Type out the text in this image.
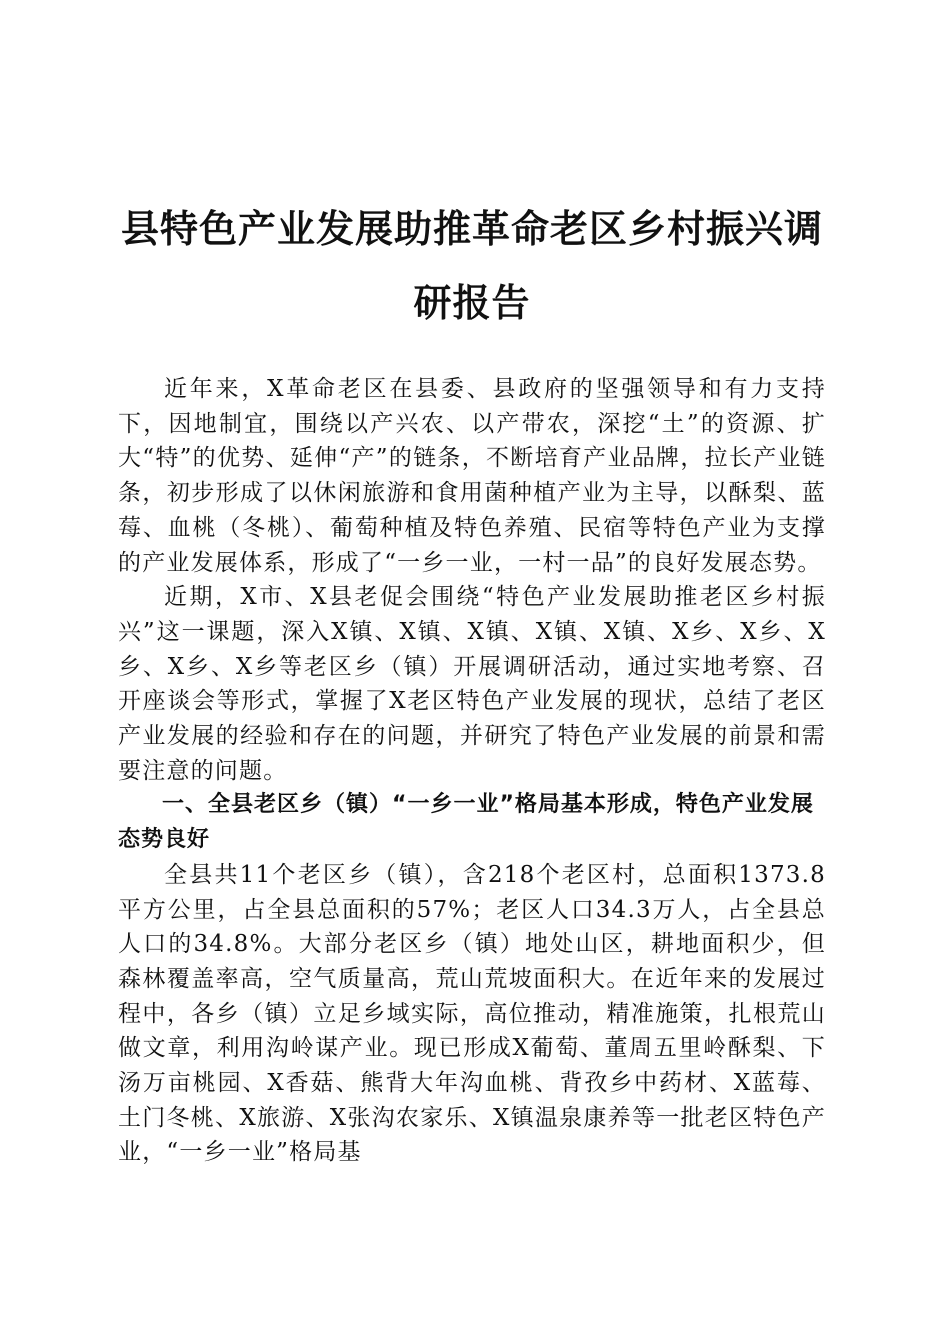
县特色产业发展助推革命老区乡村振兴调研报告

近年来，X革命老区在县委、县政府的坚强领导和有力支持下，因地制宜，围绕以产兴农、以产带农，深挖“土”的资源、扩大“特”的优势、延伸“产”的链条，不断培育产业品牌，拉长产业链条，初步形成了以休闲旅游和食用菌种植产业为主导，以酥梨、蓝莓、血桃（冬桃）、葡萄种植及特色养殖、民宿等特色产业为支撑的产业发展体系，形成了“一乡一业，一村一品”的良好发展态势。

近期，X市、X县老促会围绕“特色产业发展助推老区乡村振兴”这一课题，深入X镇、X镇、X镇、X镇、X镇、X乡、X乡、X乡、X乡、X乡等老区乡（镇）开展调研活动，通过实地考察、召开座谈会等形式，掌握了X老区特色产业发展的现状，总结了老区产业发展的经验和存在的问题，并研究了特色产业发展的前景和需要注意的问题。

一、全县老区乡（镇）“一乡一业”格局基本形成，特色产业发展态势良好

全县共11个老区乡（镇），含218个老区村，总面积1373.8平方公里，占全县总面积的57%；老区人口34.3万人，占全县总人口的34.8%。大部分老区乡（镇）地处山区，耕地面积少，但森林覆盖率高，空气质量高，荒山荒坡面积大。在近年来的发展过程中，各乡（镇）立足乡域实际，高位推动，精准施策，扎根荒山做文章，利用沟岭谋产业。现已形成X葡萄、董周五里岭酥梨、下汤万亩桃园、X香菇、熊背大年沟血桃、背孜乡中药材、X蓝莓、土门冬桃、X旅游、X张沟农家乐、X镇温泉康养等一批老区特色产业，“一乡一业”格局基
